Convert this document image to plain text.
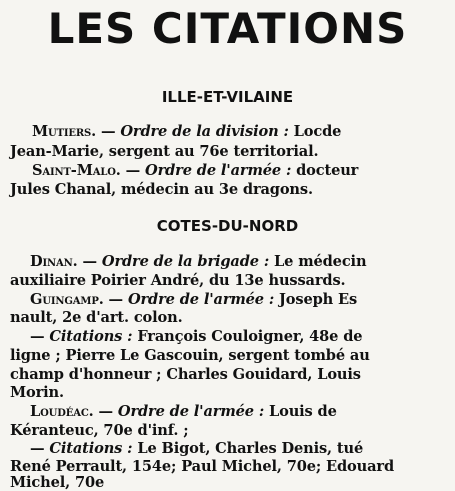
LES CITATIONS
ILLE-ET-VILAINE
Mutiers. — Ordre de la division : Locde
Jean-Marie, sergent au 76e territorial.
Saint-Malo. — Ordre de l'armée : docteur
Jules Chanal, médecin au 3e dragons.
COTES-DU-NORD
Dinan. — Ordre de la brigade : Le médecin
auxiliaire Poirier André, du 13e hussards.
Guingamp. — Ordre de l'armée : Joseph Es
nault, 2e d'art. colon.
— Citations : François Couloigner, 48e de
ligne ; Pierre Le Gascouin, sergent tombé au
champ d'honneur ; Charles Gouidard, Louis
Morin.
Loudéac. — Ordre de l'armée : Louis de
Kéranteuc, 70e d'inf. ;
— Citations : Le Bigot, Charles Denis, tué
René Perrault, 154e; Paul Michel, 70e; Edouard
Michel, 70e
